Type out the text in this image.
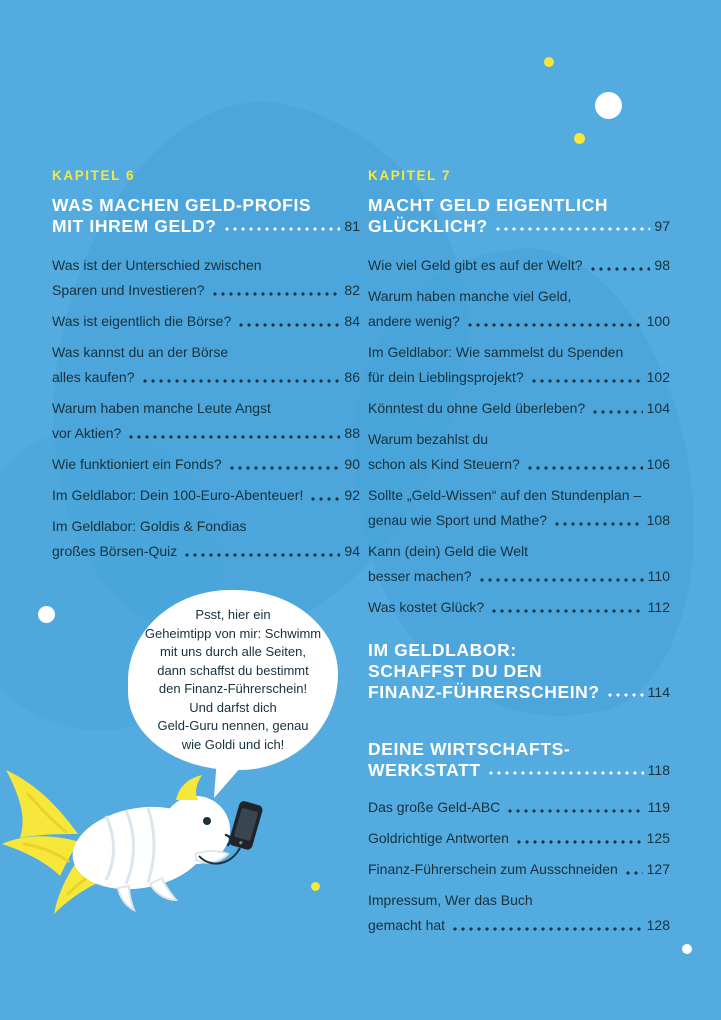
KAPITEL 6
WAS MACHEN GELD-PROFIS
MIT IHREM GELD?	81
Was ist der Unterschied zwischen
Sparen und Investieren?	82
Was ist eigentlich die Börse?	84
Was kannst du an der Börse
alles kaufen?	86
Warum haben manche Leute Angst
vor Aktien?	88
Wie funktioniert ein Fonds?	90
Im Geldlabor: Dein 100-Euro-Abenteuer!	92
Im Geldlabor: Goldis & Fondias
großes Börsen-Quiz	94
KAPITEL 7
MACHT GELD EIGENTLICH
GLÜCKLICH?	97
Wie viel Geld gibt es auf der Welt?	98
Warum haben manche viel Geld,
andere wenig?	100
Im Geldlabor: Wie sammelst du Spenden
für dein Lieblingsprojekt?	102
Könntest du ohne Geld überleben?	104
Warum bezahlst du
schon als Kind Steuern?	106
Sollte „Geld-Wissen“ auf den Stundenplan –
genau wie Sport und Mathe?	108
Kann (dein) Geld die Welt
besser machen?	110
Was kostet Glück?	112
IM GELDLABOR:
SCHAFFST DU DEN
FINANZ-FÜHRERSCHEIN?	114
DEINE WIRTSCHAFTS-
WERKSTATT	118
Das große Geld-ABC	119
Goldrichtige Antworten	125
Finanz-Führerschein zum Ausschneiden 127
Impressum, Wer das Buch
gemacht hat	128
Psst, hier ein
Geheimtipp von mir: Schwimm
mit uns durch alle Seiten,
dann schaffst du bestimmt
den Finanz-Führerschein!
Und darfst dich
Geld-Guru nennen, genau
wie Goldi und ich!
